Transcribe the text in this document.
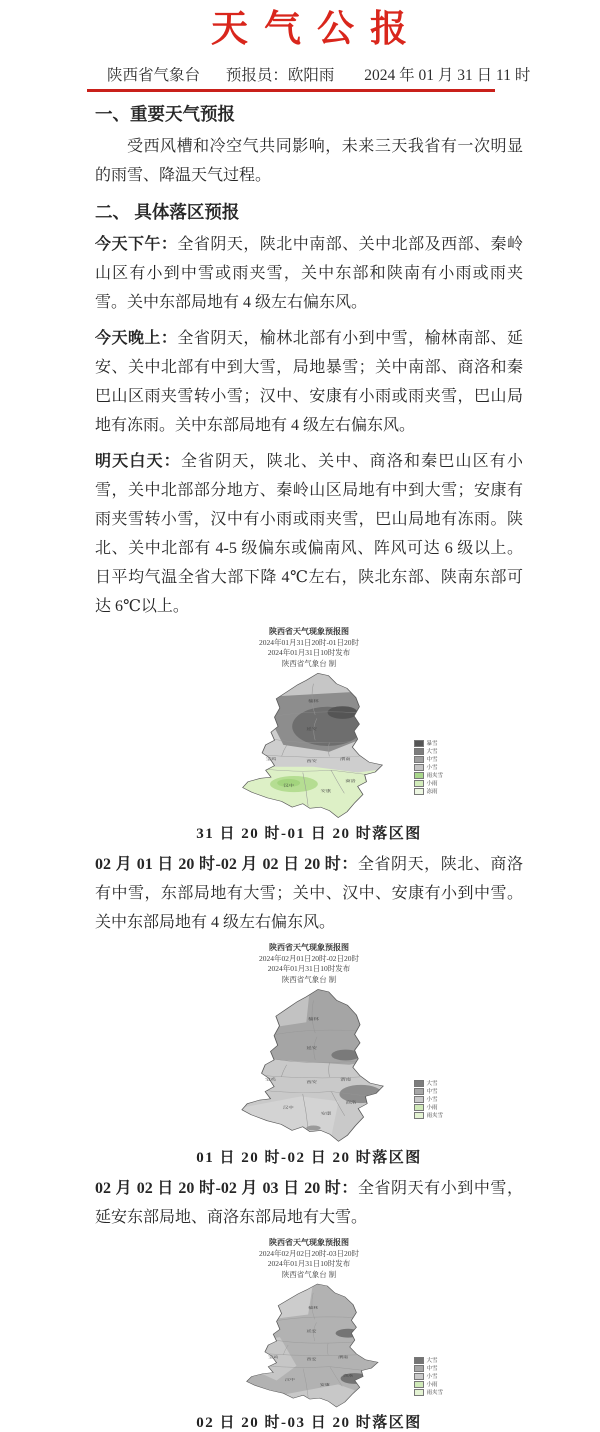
天气公报
陕西省气象台 预报员：欧阳雨 2024 年 01 月 31 日 11 时
一、重要天气预报

受西风槽和冷空气共同影响，未来三天我省有一次明显的雨雪、降温天气过程。

二、 具体落区预报

今天下午：全省阴天，陕北中南部、关中北部及西部、秦岭山区有小到中雪或雨夹雪，关中东部和陕南有小雨或雨夹雪。关中东部局地有 4 级左右偏东风。

今天晚上：全省阴天，榆林北部有小到中雪，榆林南部、延安、关中北部有中到大雪，局地暴雪；关中南部、商洛和秦巴山区雨夹雪转小雪；汉中、安康有小雨或雨夹雪，巴山局地有冻雨。关中东部局地有 4 级左右偏东风。

明天白天：全省阴天，陕北、关中、商洛和秦巴山区有小雪，关中北部部分地方、秦岭山区局地有中到大雪；安康有雨夹雪转小雪，汉中有小雨或雨夹雪，巴山局地有冻雨。陕北、关中北部有 4-5 级偏东或偏南风、阵风可达 6 级以上。日平均气温全省大部下降 4℃左右，陕北东部、陕南东部可达 6℃以上。

陕西省天气现象预报图
2024年01月31日20时-01日20时
2024年01月31日10时发布
陕西省气象台 制
榆林
延安
宝鸡
西安
渭南
汉中
安康
商洛
暴雪
大雪
中雪
小雪
雨夹雪
小雨
冻雨
31 日 20 时-01 日 20 时落区图

02 月 01 日 20 时-02 月 02 日 20 时：全省阴天，陕北、商洛有中雪，东部局地有大雪；关中、汉中、安康有小到中雪。关中东部局地有 4 级左右偏东风。

陕西省天气现象预报图
2024年02月01日20时-02日20时
2024年01月31日10时发布
陕西省气象台 制
榆林
延安
宝鸡
西安
渭南
汉中
安康
商洛
大雪
中雪
小雪
小雨
雨夹雪
01 日 20 时-02 日 20 时落区图

02 月 02 日 20 时-02 月 03 日 20 时：全省阴天有小到中雪，延安东部局地、商洛东部局地有大雪。

陕西省天气现象预报图
2024年02月02日20时-03日20时
2024年01月31日10时发布
陕西省气象台 制
榆林
延安
宝鸡
西安
渭南
汉中
安康
商洛
大雪
中雪
小雪
小雨
雨夹雪
02 日 20 时-03 日 20 时落区图
